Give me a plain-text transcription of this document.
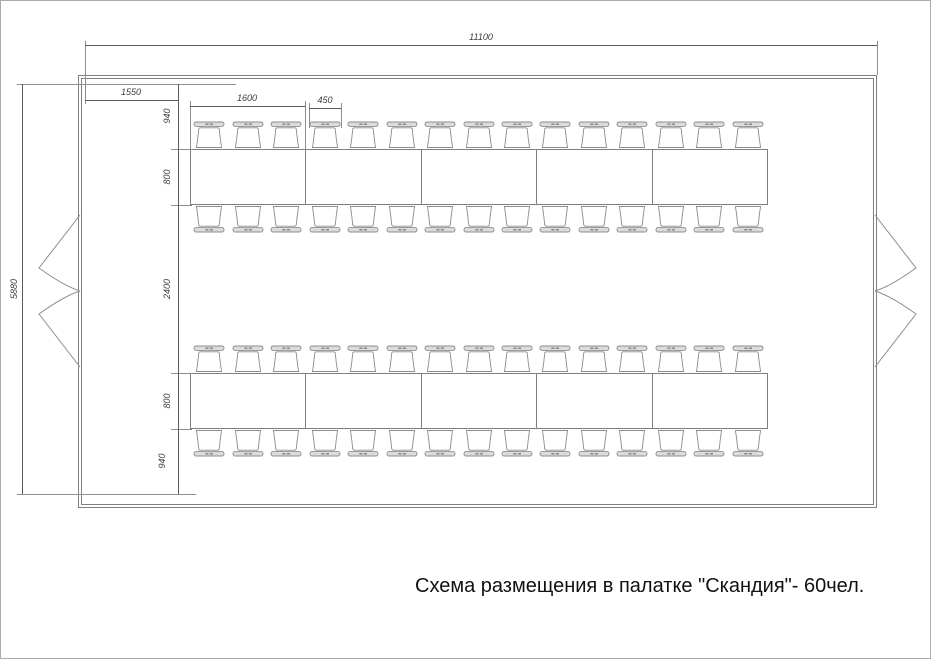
11100
1550
1600	450
5880
940
800
2400
800
940
Схема размещения в палатке "Скандия"- 60чел.
